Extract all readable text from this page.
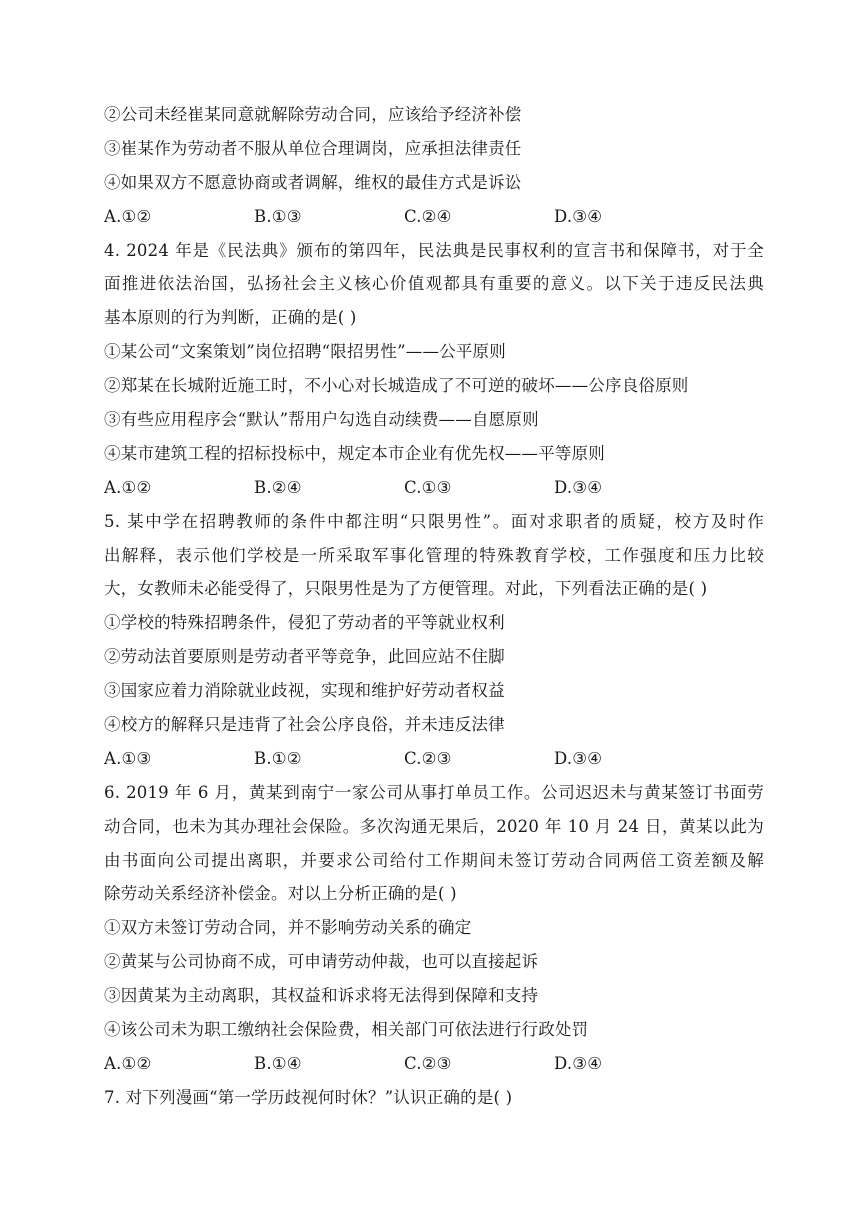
②公司未经崔某同意就解除劳动合同，应该给予经济补偿
③崔某作为劳动者不服从单位合理调岗，应承担法律责任
④如果双方不愿意协商或者调解，维权的最佳方式是诉讼
A.①②	B.①③	C.②④	D.③④
4. 2024 年是《民法典》颁布的第四年，民法典是民事权利的宣言书和保障书，对于全
面推进依法治国，弘扬社会主义核心价值观都具有重要的意义。以下关于违反民法典
基本原则的行为判断，正确的是( )
①某公司“文案策划”岗位招聘“限招男性”——公平原则
②郑某在长城附近施工时，不小心对长城造成了不可逆的破坏——公序良俗原则
③有些应用程序会“默认”帮用户勾选自动续费——自愿原则
④某市建筑工程的招标投标中，规定本市企业有优先权——平等原则
A.①②	B.②④	C.①③	D.③④
5. 某中学在招聘教师的条件中都注明“只限男性”。面对求职者的质疑，校方及时作
出解释，表示他们学校是一所采取军事化管理的特殊教育学校，工作强度和压力比较
大，女教师未必能受得了，只限男性是为了方便管理。对此，下列看法正确的是( )
①学校的特殊招聘条件，侵犯了劳动者的平等就业权利
②劳动法首要原则是劳动者平等竞争，此回应站不住脚
③国家应着力消除就业歧视，实现和维护好劳动者权益
④校方的解释只是违背了社会公序良俗，并未违反法律
A.①③	B.①②	C.②③	D.③④
6. 2019 年 6 月，黄某到南宁一家公司从事打单员工作。公司迟迟未与黄某签订书面劳
动合同，也未为其办理社会保险。多次沟通无果后，2020 年 10 月 24 日，黄某以此为
由书面向公司提出离职，并要求公司给付工作期间未签订劳动合同两倍工资差额及解
除劳动关系经济补偿金。对以上分析正确的是( )
①双方未签订劳动合同，并不影响劳动关系的确定
②黄某与公司协商不成，可申请劳动仲裁，也可以直接起诉
③因黄某为主动离职，其权益和诉求将无法得到保障和支持
④该公司未为职工缴纳社会保险费，相关部门可依法进行行政处罚
A.①②	B.①④	C.②③	D.③④
7. 对下列漫画“第一学历歧视何时休？”认识正确的是( )
